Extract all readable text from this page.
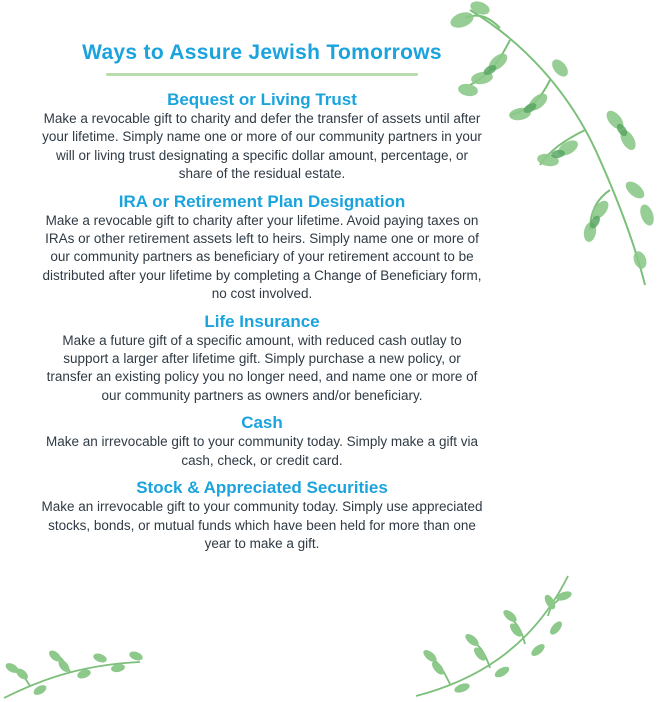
Ways to Assure Jewish Tomorrows
Bequest or Living Trust

Make a revocable gift to charity and defer the transfer of assets until after your lifetime. Simply name one or more of our community partners in your will or living trust designating a specific dollar amount, percentage, or share of the residual estate.

IRA or Retirement Plan Designation

Make a revocable gift to charity after your lifetime. Avoid paying taxes on IRAs or other retirement assets left to heirs. Simply name one or more of our community partners as beneficiary of your retirement account to be distributed after your lifetime by completing a Change of Beneficiary form, no cost involved.

Life Insurance

Make a future gift of a specific amount, with reduced cash outlay to support a larger after lifetime gift. Simply purchase a new policy, or transfer an existing policy you no longer need, and name one or more of our community partners as owners and/or beneficiary.

Cash

Make an irrevocable gift to your community today. Simply make a gift via cash, check, or credit card.

Stock & Appreciated Securities

Make an irrevocable gift to your community today. Simply use appreciated stocks, bonds, or mutual funds which have been held for more than one year to make a gift.
